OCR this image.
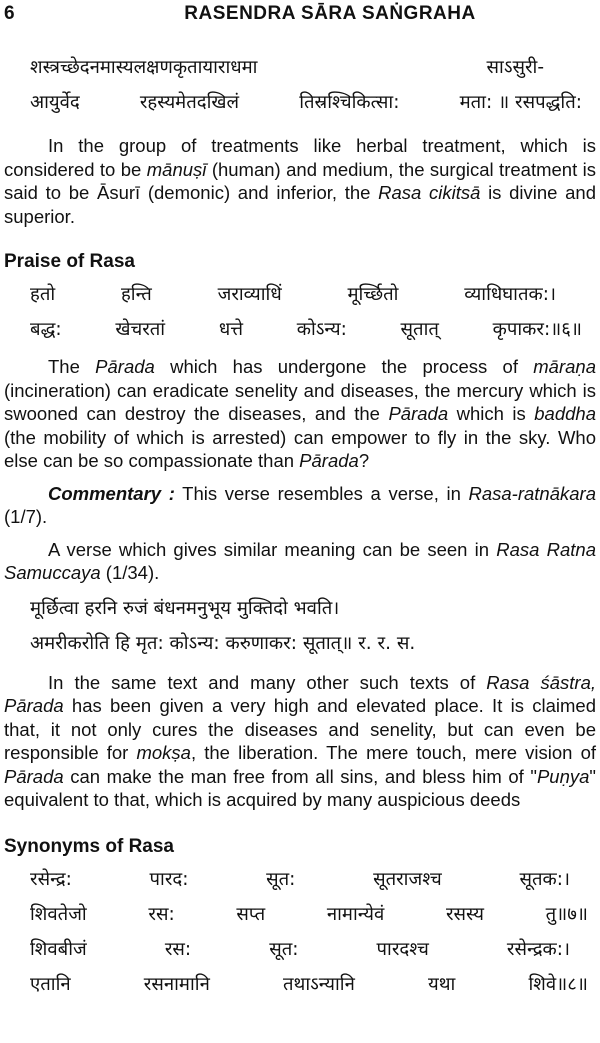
6	RASENDRA SĀRA SAṄGRAHA
शस्त्रच्छेदनमास्यलक्षणकृतायाराधमा	साऽसुरी-
आयुर्वेद	रहस्यमेतदखिलं	तिस्रश्चिकित्सा:	मता: ॥ रसपद्धति:

In the group of treatments like herbal treatment, which is considered to be mānuṣī (human) and medium, the surgical treatment is said to be Āsurī (demonic) and inferior, the Rasa cikitsā is divine and superior.

Praise of Rasa

हतो	हन्ति	जराव्याधिं	मूर्च्छितो	व्याधिघातक:।
बद्ध:	खेचरतां	धत्ते	कोऽन्य:	सूतात्	कृपाकर:॥६॥

The Pārada which has undergone the process of māraṇa (incineration) can eradicate senelity and diseases, the mercury which is swooned can destroy the diseases, and the Pārada which is baddha (the mobility of which is arrested) can empower to fly in the sky. Who else can be so compassionate than Pārada?

Commentary : This verse resembles a verse, in Rasa-ratnākara (1/7).

A verse which gives similar meaning can be seen in Rasa Ratna Samuccaya (1/34).

मूर्छित्वा हरनि रुजं बंधनमनुभूय मुक्तिदो भवति।
अमरीकरोति हि मृत: कोऽन्य: करुणाकर: सूतात्॥ र. र. स.

In the same text and many other such texts of Rasa śāstra, Pārada has been given a very high and elevated place. It is claimed that, it not only cures the diseases and senelity, but can even be responsible for mokṣa, the liberation. The mere touch, mere vision of Pārada can make the man free from all sins, and bless him of "Puṇya" equivalent to that, which is acquired by many auspicious deeds

Synonyms of Rasa

रसेन्द्र:	पारद:	सूत:	सूतराजश्च	सूतक:।
शिवतेजो	रस:	सप्त	नामान्येवं	रसस्य	तु॥७॥
शिवबीजं	रस:	सूत:	पारदश्च	रसेन्द्रक:।
एतानि	रसनामानि	तथाऽन्यानि	यथा	शिवे॥८॥
